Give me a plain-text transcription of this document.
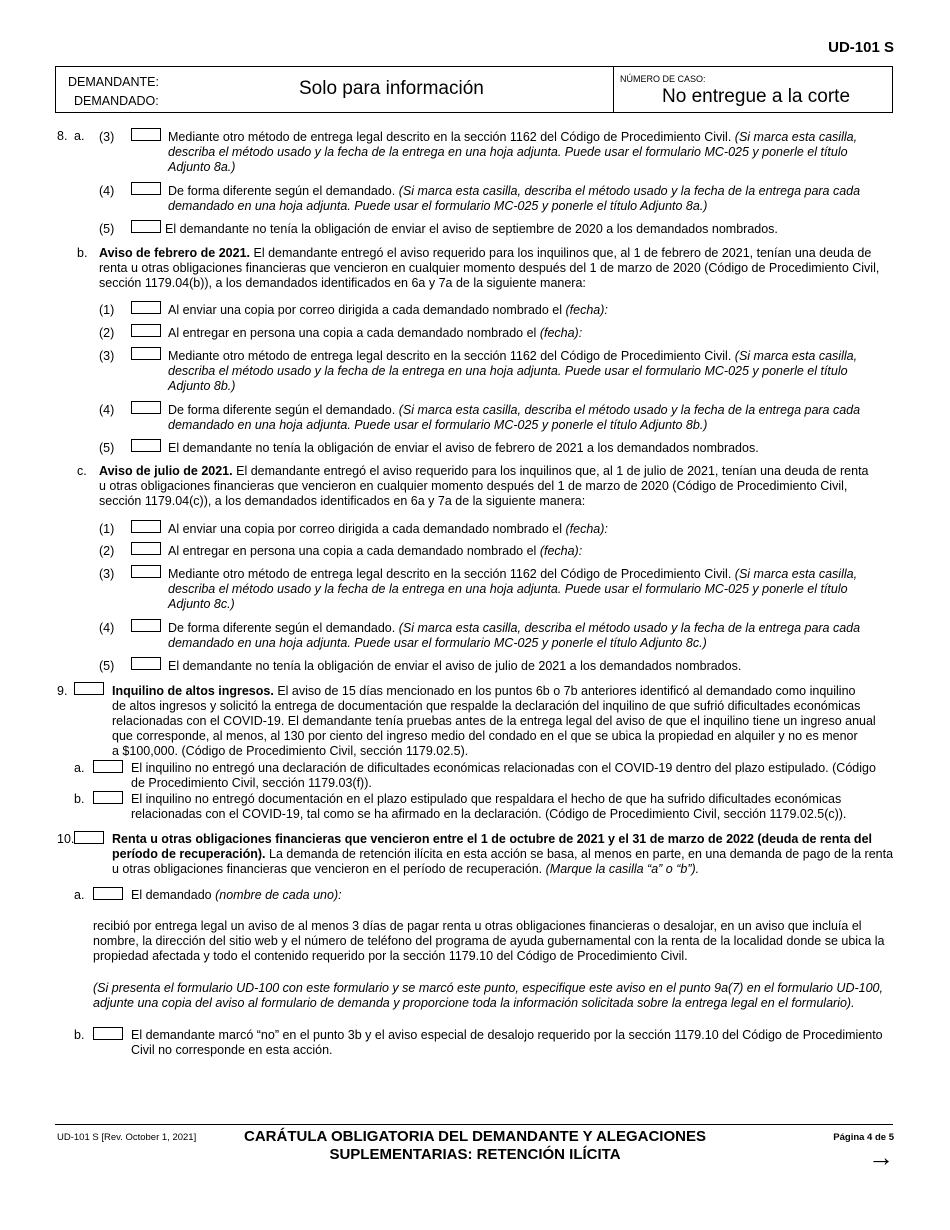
UD-101 S
DEMANDANTE:
DEMANDADO:
Solo para información	NÚMERO DE CASO:
No entregue a la corte
8. a. (3)	Mediante otro método de entrega legal descrito en la sección 1162 del Código de Procedimiento Civil. (Si marca esta casilla,
describa el método usado y la fecha de la entrega en una hoja adjunta. Puede usar el formulario MC-025 y ponerle el título
Adjunto 8a.)
(4)	De forma diferente según el demandado. (Si marca esta casilla, describa el método usado y la fecha de la entrega para cada
demandado en una hoja adjunta. Puede usar el formulario MC-025 y ponerle el título Adjunto 8a.)
(5)	El demandante no tenía la obligación de enviar el aviso de septiembre de 2020 a los demandados nombrados.
b. Aviso de febrero de 2021. El demandante entregó el aviso requerido para los inquilinos que, al 1 de febrero de 2021, tenían una deuda de
renta u otras obligaciones financieras que vencieron en cualquier momento después del 1 de marzo de 2020 (Código de Procedimiento Civil,
sección 1179.04(b)), a los demandados identificados en 6a y 7a de la siguiente manera:
(1)	Al enviar una copia por correo dirigida a cada demandado nombrado el (fecha):
(2)	Al entregar en persona una copia a cada demandado nombrado el (fecha):
(3)	Mediante otro método de entrega legal descrito en la sección 1162 del Código de Procedimiento Civil. (Si marca esta casilla,
describa el método usado y la fecha de la entrega en una hoja adjunta. Puede usar el formulario MC-025 y ponerle el título
Adjunto 8b.)
(4)	De forma diferente según el demandado. (Si marca esta casilla, describa el método usado y la fecha de la entrega para cada
demandado en una hoja adjunta. Puede usar el formulario MC-025 y ponerle el título Adjunto 8b.)
(5)	El demandante no tenía la obligación de enviar el aviso de febrero de 2021 a los demandados nombrados.
c. Aviso de julio de 2021. El demandante entregó el aviso requerido para los inquilinos que, al 1 de julio de 2021, tenían una deuda de renta
u otras obligaciones financieras que vencieron en cualquier momento después del 1 de marzo de 2020 (Código de Procedimiento Civil,
sección 1179.04(c)), a los demandados identificados en 6a y 7a de la siguiente manera:
(1)	Al enviar una copia por correo dirigida a cada demandado nombrado el (fecha):
(2)	Al entregar en persona una copia a cada demandado nombrado el (fecha):
(3)	Mediante otro método de entrega legal descrito en la sección 1162 del Código de Procedimiento Civil. (Si marca esta casilla,
describa el método usado y la fecha de la entrega en una hoja adjunta. Puede usar el formulario MC-025 y ponerle el título
Adjunto 8c.)
(4)	De forma diferente según el demandado. (Si marca esta casilla, describa el método usado y la fecha de la entrega para cada
demandado en una hoja adjunta. Puede usar el formulario MC-025 y ponerle el título Adjunto 8c.)
(5)	El demandante no tenía la obligación de enviar el aviso de julio de 2021 a los demandados nombrados.
9.	Inquilino de altos ingresos. El aviso de 15 días mencionado en los puntos 6b o 7b anteriores identificó al demandado como inquilino
de altos ingresos y solicitó la entrega de documentación que respalde la declaración del inquilino de que sufrió dificultades económicas
relacionadas con el COVID-19. El demandante tenía pruebas antes de la entrega legal del aviso de que el inquilino tiene un ingreso anual
que corresponde, al menos, al 130 por ciento del ingreso medio del condado en el que se ubica la propiedad en alquiler y no es menor
a $100,000. (Código de Procedimiento Civil, sección 1179.02.5).
a.	El inquilino no entregó una declaración de dificultades económicas relacionadas con el COVID-19 dentro del plazo estipulado. (Código
de Procedimiento Civil, sección 1179.03(f)).
b.	El inquilino no entregó documentación en el plazo estipulado que respaldara el hecho de que ha sufrido dificultades económicas
relacionadas con el COVID-19, tal como se ha afirmado en la declaración. (Código de Procedimiento Civil, sección 1179.02.5(c)).
10.	Renta u otras obligaciones financieras que vencieron entre el 1 de octubre de 2021 y el 31 de marzo de 2022 (deuda de renta del
período de recuperación). La demanda de retención ilícita en esta acción se basa, al menos en parte, en una demanda de pago de la renta
u otras obligaciones financieras que vencieron en el período de recuperación. (Marque la casilla “a” o “b”).
a.	El demandado (nombre de cada uno):
recibió por entrega legal un aviso de al menos 3 días de pagar renta u otras obligaciones financieras o desalojar, en un aviso que incluía el
nombre, la dirección del sitio web y el número de teléfono del programa de ayuda gubernamental con la renta de la localidad donde se ubica la
propiedad afectada y todo el contenido requerido por la sección 1179.10 del Código de Procedimiento Civil.
(Si presenta el formulario UD-100 con este formulario y se marcó este punto, especifique este aviso en el punto 9a(7) en el formulario UD-100,
adjunte una copia del aviso al formulario de demanda y proporcione toda la información solicitada sobre la entrega legal en el formulario).
b.	El demandante marcó “no” en el punto 3b y el aviso especial de desalojo requerido por la sección 1179.10 del Código de Procedimiento
Civil no corresponde en esta acción.
UD-101 S [Rev. October 1, 2021]	CARÁTULA OBLIGATORIA DEL DEMANDANTE Y ALEGACIONES
SUPLEMENTARIAS: RETENCIÓN ILÍCITA
Página 4 de 5
→
